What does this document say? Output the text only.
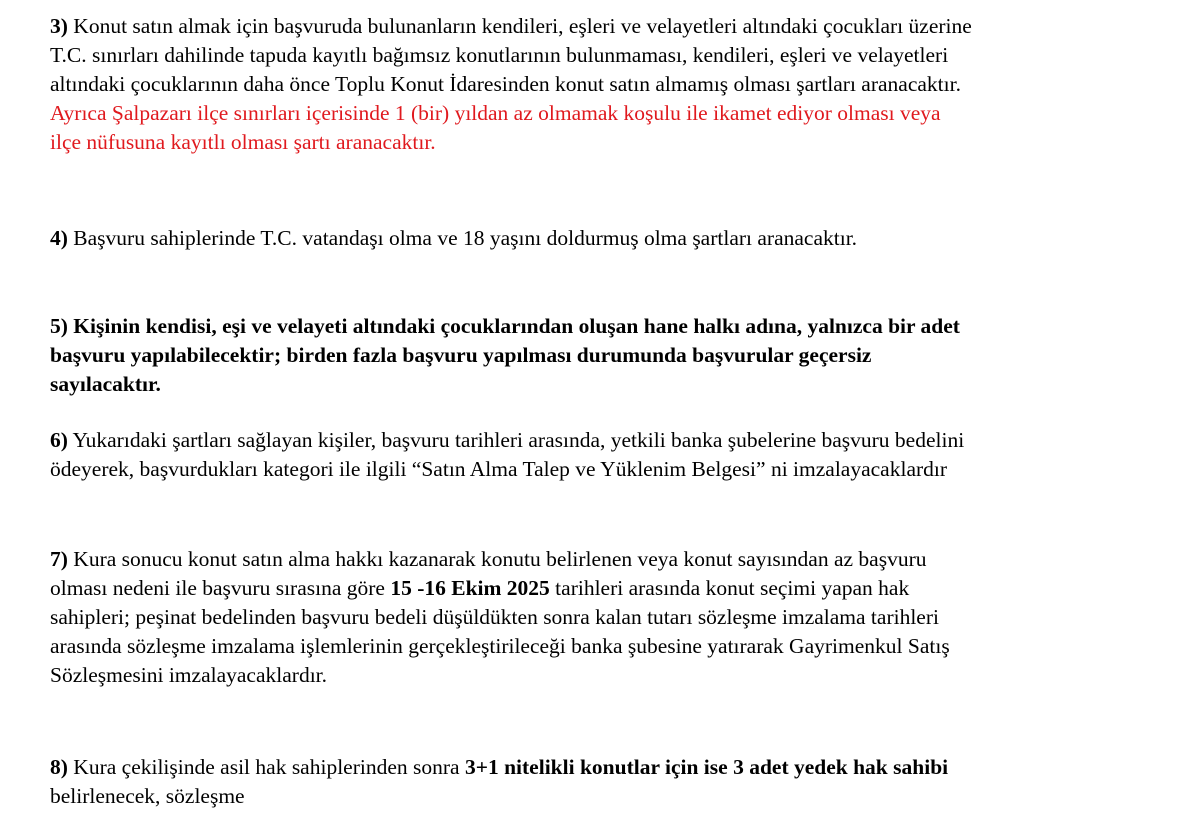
3) Konut satın almak için başvuruda bulunanların kendileri, eşleri ve velayetleri altındaki çocukları üzerine
T.C. sınırları dahilinde tapuda kayıtlı bağımsız konutlarının bulunmaması, kendileri, eşleri ve velayetleri
altındaki çocuklarının daha önce Toplu Konut İdaresinden konut satın almamış olması şartları aranacaktır.
Ayrıca Şalpazarı ilçe sınırları içerisinde 1 (bir) yıldan az olmamak koşulu ile ikamet ediyor olması veya
ilçe nüfusuna kayıtlı olması şartı aranacaktır.
4) Başvuru sahiplerinde T.C. vatandaşı olma ve 18 yaşını doldurmuş olma şartları aranacaktır.
5) Kişinin kendisi, eşi ve velayeti altındaki çocuklarından oluşan hane halkı adına, yalnızca bir adet
başvuru yapılabilecektir; birden fazla başvuru yapılması durumunda başvurular geçersiz
sayılacaktır.
6) Yukarıdaki şartları sağlayan kişiler, başvuru tarihleri arasında, yetkili banka şubelerine başvuru bedelini
ödeyerek, başvurdukları kategori ile ilgili “Satın Alma Talep ve Yüklenim Belgesi” ni imzalayacaklardır
7) Kura sonucu konut satın alma hakkı kazanarak konutu belirlenen veya konut sayısından az başvuru
olması nedeni ile başvuru sırasına göre 15 -16 Ekim 2025 tarihleri arasında konut seçimi yapan hak
sahipleri; peşinat bedelinden başvuru bedeli düşüldükten sonra kalan tutarı sözleşme imzalama tarihleri
arasında sözleşme imzalama işlemlerinin gerçekleştirileceği banka şubesine yatırarak Gayrimenkul Satış
Sözleşmesini imzalayacaklardır.
8) Kura çekilişinde asil hak sahiplerinden sonra 3+1 nitelikli konutlar için ise 3 adet yedek hak sahibi
belirlenecek, sözleşme
